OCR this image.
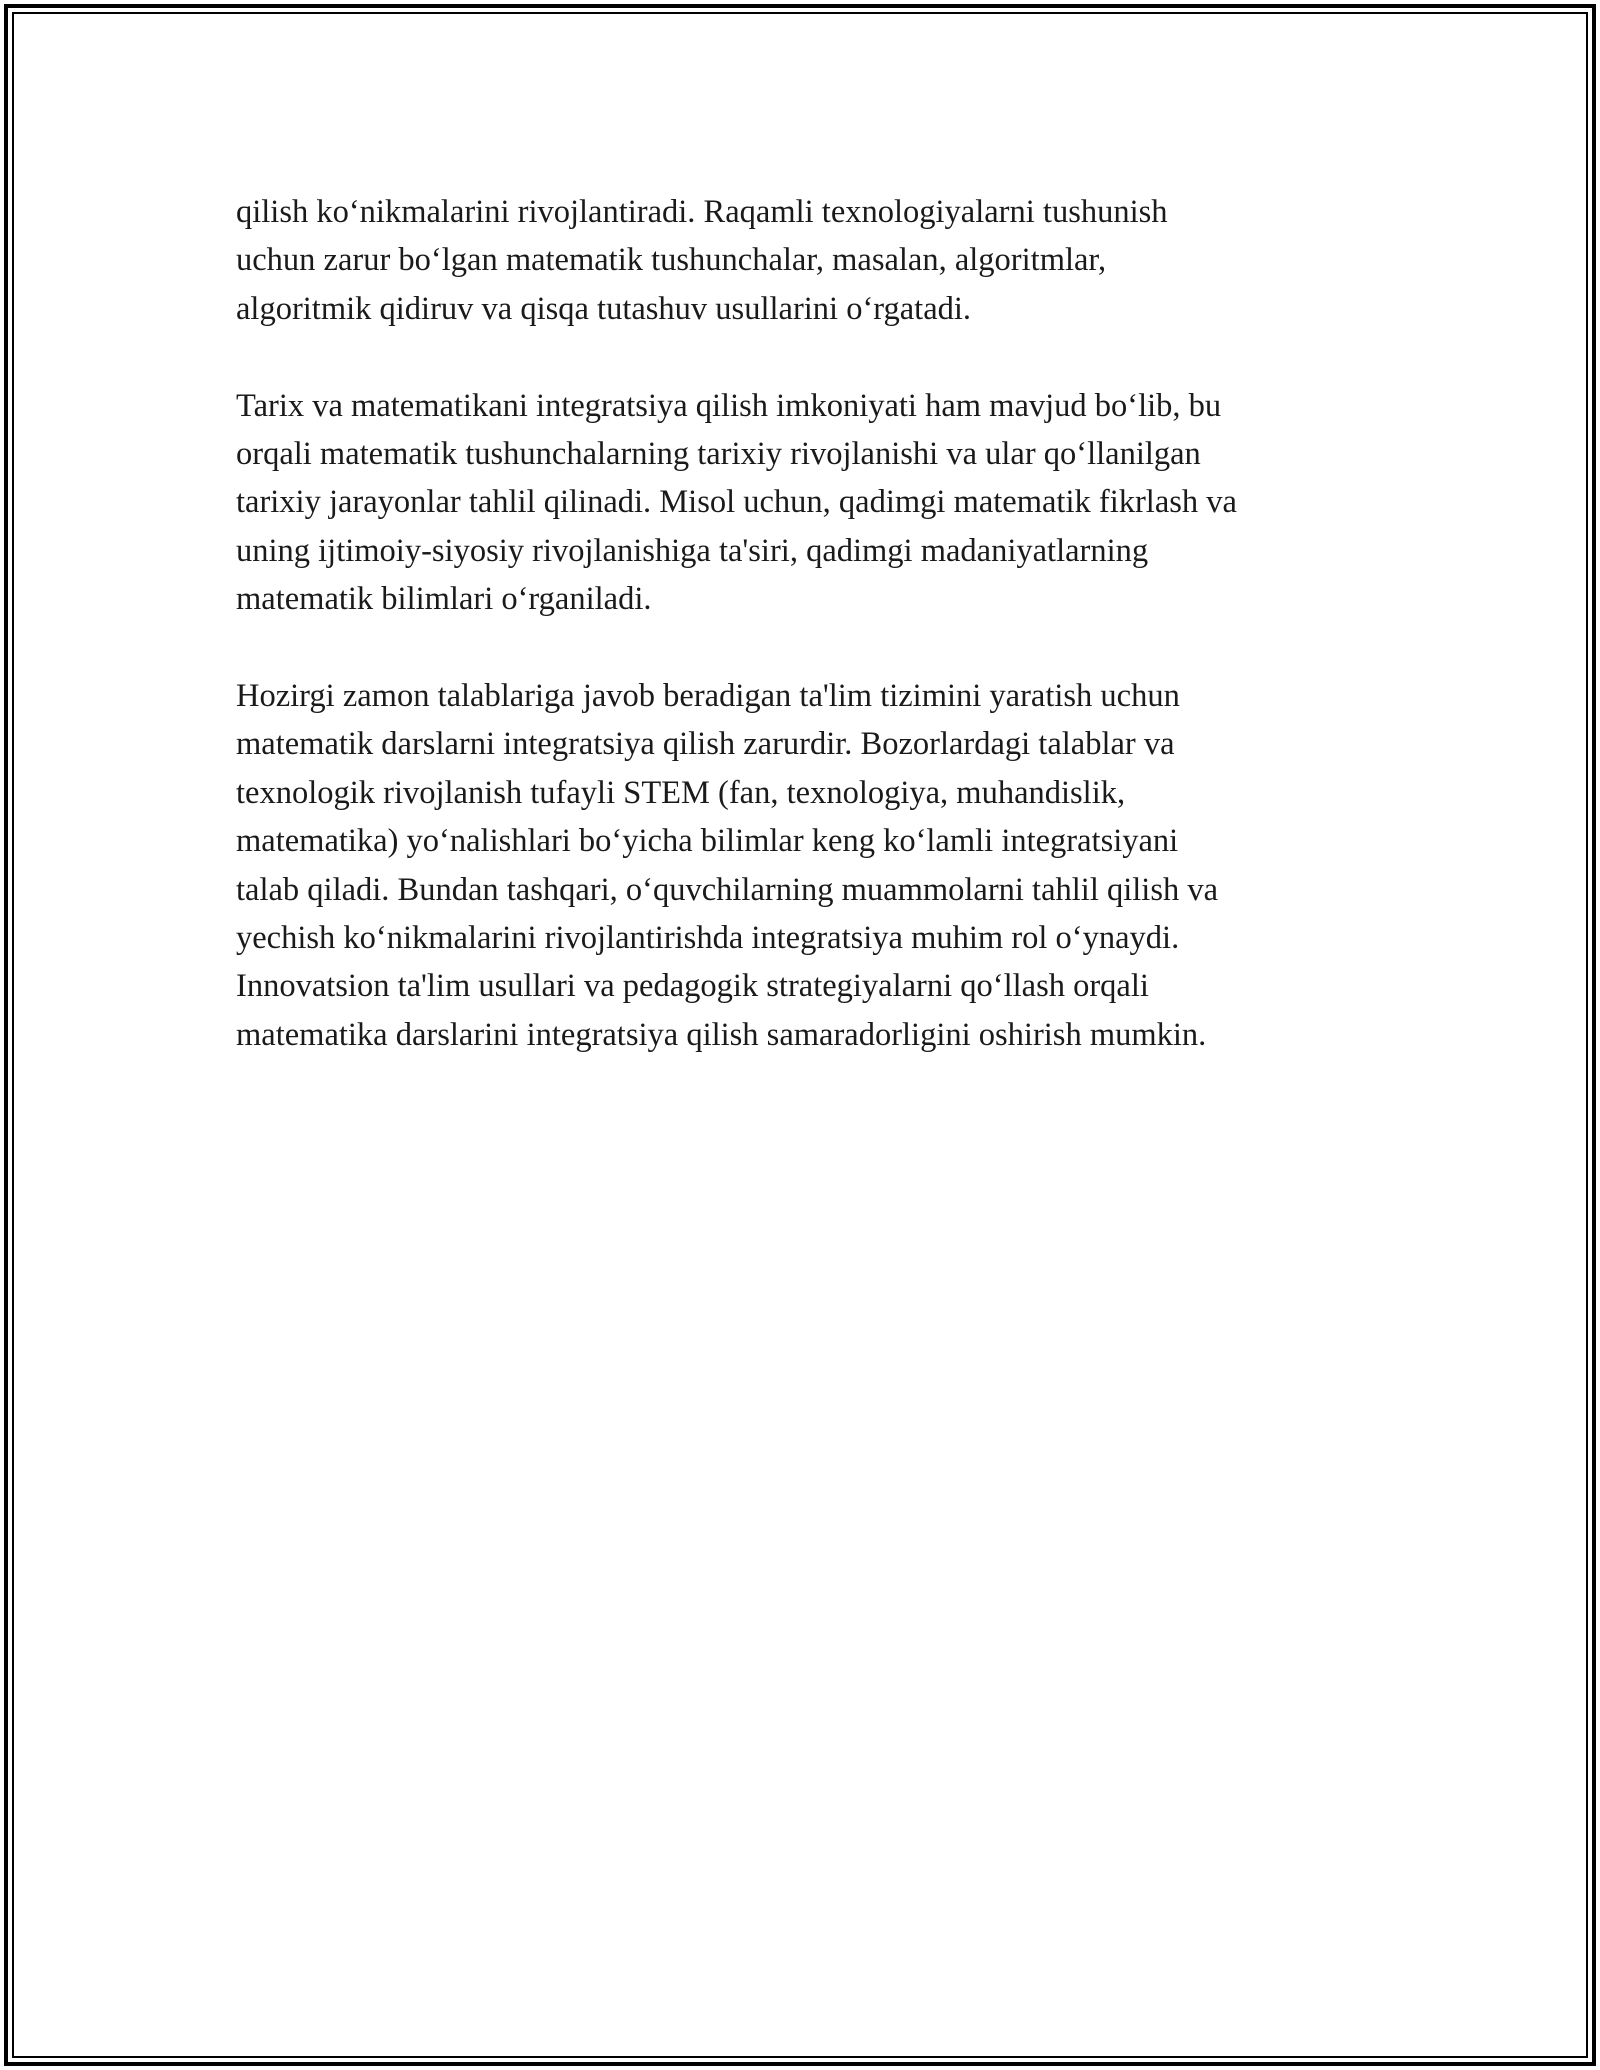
qilish ko‘nikmalarini rivojlantiradi. Raqamli texnologiyalarni tushunish
uchun zarur bo‘lgan matematik tushunchalar, masalan, algoritmlar,
algoritmik qidiruv va qisqa tutashuv usullarini o‘rgatadi.

Tarix va matematikani integratsiya qilish imkoniyati ham mavjud bo‘lib, bu
orqali matematik tushunchalarning tarixiy rivojlanishi va ular qo‘llanilgan
tarixiy jarayonlar tahlil qilinadi. Misol uchun, qadimgi matematik fikrlash va
uning ijtimoiy-siyosiy rivojlanishiga ta'siri, qadimgi madaniyatlarning
matematik bilimlari o‘rganiladi.

Hozirgi zamon talablariga javob beradigan ta'lim tizimini yaratish uchun
matematik darslarni integratsiya qilish zarurdir. Bozorlardagi talablar va
texnologik rivojlanish tufayli STEM (fan, texnologiya, muhandislik,
matematika) yo‘nalishlari bo‘yicha bilimlar keng ko‘lamli integratsiyani
talab qiladi. Bundan tashqari, o‘quvchilarning muammolarni tahlil qilish va
yechish ko‘nikmalarini rivojlantirishda integratsiya muhim rol o‘ynaydi.
Innovatsion ta'lim usullari va pedagogik strategiyalarni qo‘llash orqali
matematika darslarini integratsiya qilish samaradorligini oshirish mumkin.
